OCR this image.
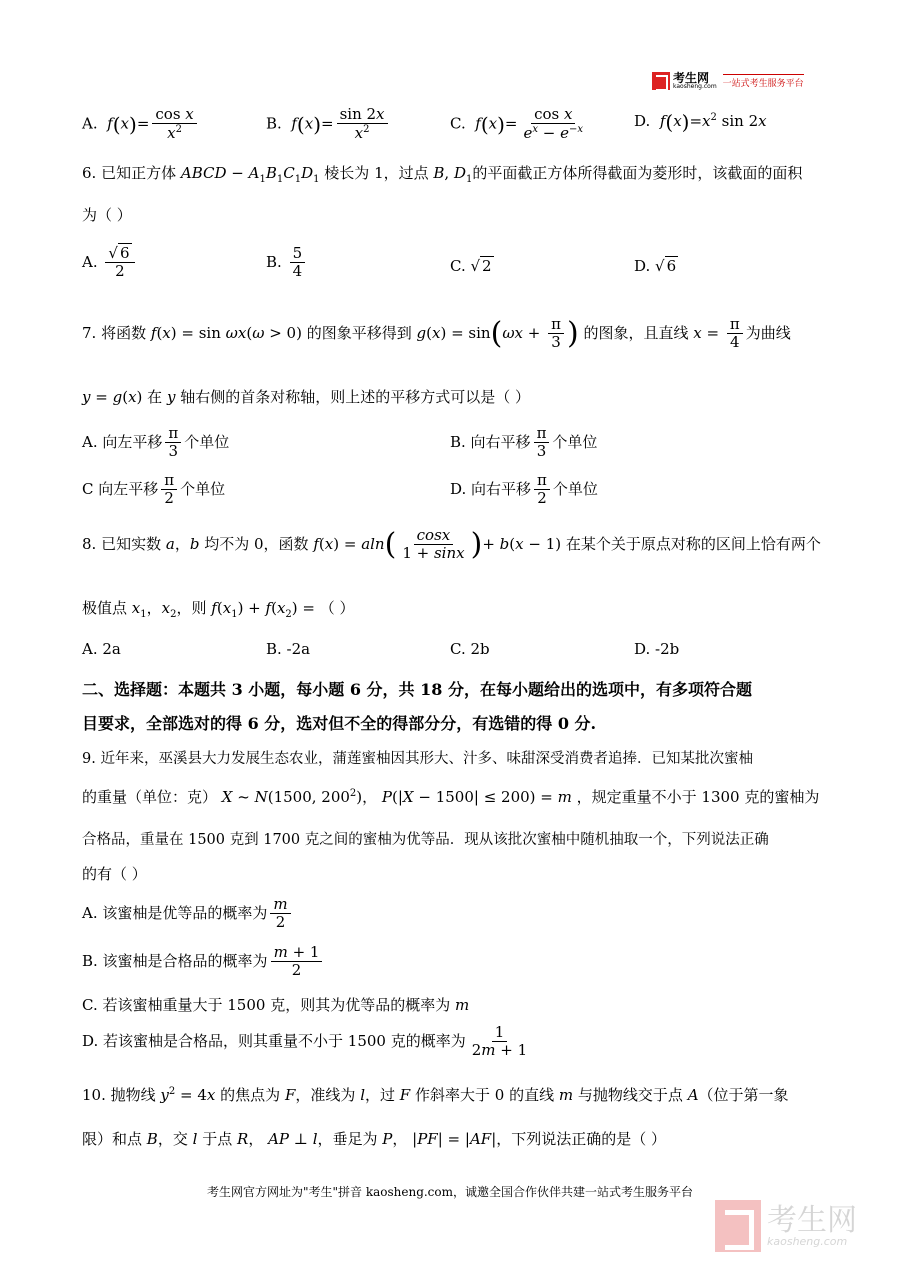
考生网
kaosheng.com 一站式考生服务平台
A. $f(x)= \frac{\text{cos x}}{x^2}$	B. $f(x)= \frac{\sin 2x}{x^2}$	C. $f(x)= \frac{\text{cos x}}{e^x - e^{-x}}$	D. $f(x)=x^2$ sin 2x
6. 已知正方体 ABCD − $A_1B_1C_1D_1$ 棱长为 1，过点 B, $D_1$的平面截正方体所得截面为菱形时，该截面的面积
为（ ）
A. $\frac{√ 6}{2}$	B. $\frac{5}{4}$	C. √ 2	D. √ 6
7. 将函数 f(x) = sin ωx(ω > 0) 的图象平移得到 $g(x) = \sin(\omega x + \frac{\pi}{3}$ ) 的图象，且直线 $x = \frac{\pi}{4}$ 为曲线
y = g(x) 在 y 轴右侧的首条对称轴，则上述的平移方式可以是（ ）
A. 向左平移 $\frac{\pi}{3}$ 个单位	B. 向右平移 $\frac{\pi}{3}$ 个单位
C 向左平移 $\frac{\pi}{2}$ 个单位	D. 向右平移 $\frac{\pi}{2}$ 个单位
8. 已知实数 a，b 均不为 0，函数 $f(x) = aln( \frac{\cos x}{1 + \sin x}$ )+ b(x − 1) 在某个关于原点对称的区间上恰有两个
极值点 $x_1$，$x_2$，则 $f(x_1) + f(x_2)$ = （ ）
A. 2a	B. -2a	C. 2b	D. -2b
二、选择题：本题共 3 小题，每小题 6 分，共 18 分，在每小题给出的选项中，有多项符合题
目要求，全部选对的得 6 分，选对但不全的得部分分，有选错的得 0 分.
9. 近年来，巫溪县大力发展生态农业，蒲莲蜜柚因其形大、汁多、味甜深受消费者追捧．已知某批次蜜柚
的重量（单位：克） X ~ N(1500, $200^2$)， P(|X − 1500| ≤ 200) = m ，规定重量不小于 1300 克的蜜柚为
合格品，重量在 1500 克到 1700 克之间的蜜柚为优等品．现从该批次蜜柚中随机抽取一个，下列说法正确
的有（ ）
A. 该蜜柚是优等品的概率为 $\frac{m}{2}$
B. 该蜜柚是合格品的概率为 $\frac{m + 1}{2}$
C. 若该蜜柚重量大于 1500 克，则其为优等品的概率为 m
D. 若该蜜柚是合格品，则其重量不小于 1500 克的概率为 $\frac{1}{2m + 1}$
10. 抛物线 $y^2 = 4x$ 的焦点为 F，准线为 l，过 F 作斜率大于 0 的直线 m 与抛物线交于点 A（位于第一象
限）和点 B，交 l 于点 R， AP ⊥ l，垂足为 P， |PF| = |AF|，下列说法正确的是（ ）
考生网官方网址为"考生"拼音 kaosheng.com，诚邀全国合作伙伴共建一站式考生服务平台
考生网
kaosheng.com
